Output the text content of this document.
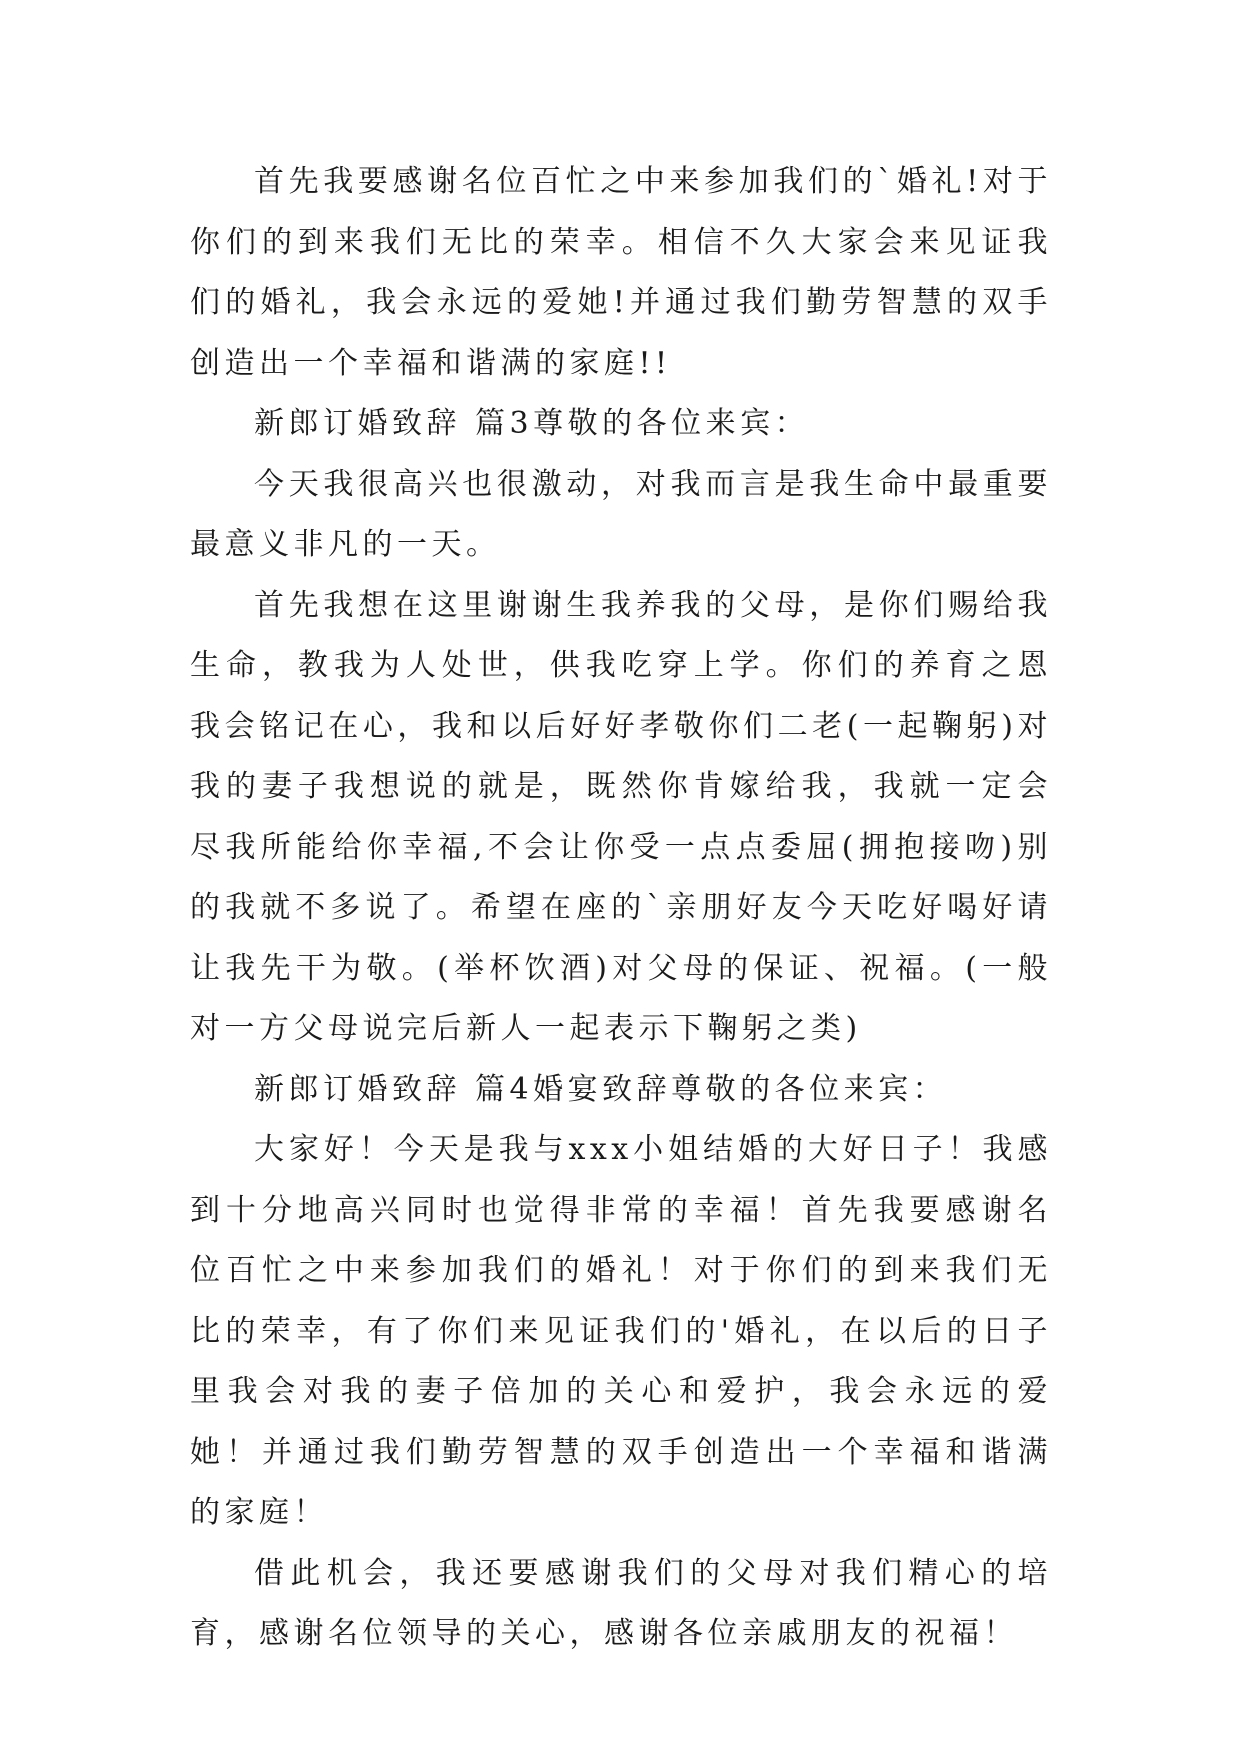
首先我要感谢名位百忙之中来参加我们的`婚礼!对于你们的到来我们无比的荣幸。相信不久大家会来见证我们的婚礼，我会永远的爱她!并通过我们勤劳智慧的双手创造出一个幸福和谐满的家庭!!

新郎订婚致辞 篇3尊敬的各位来宾：

今天我很高兴也很激动，对我而言是我生命中最重要最意义非凡的一天。

首先我想在这里谢谢生我养我的父母，是你们赐给我生命，教我为人处世，供我吃穿上学。你们的养育之恩我会铭记在心，我和以后好好孝敬你们二老(一起鞠躬)对我的妻子我想说的就是，既然你肯嫁给我，我就一定会尽我所能给你幸福,不会让你受一点点委屈(拥抱接吻)别的我就不多说了。希望在座的`亲朋好友今天吃好喝好请让我先干为敬。(举杯饮酒)对父母的保证、祝福。(一般对一方父母说完后新人一起表示下鞠躬之类)

新郎订婚致辞 篇4婚宴致辞尊敬的各位来宾：

大家好！今天是我与xxx小姐结婚的大好日子！我感到十分地高兴同时也觉得非常的幸福！首先我要感谢名位百忙之中来参加我们的婚礼！对于你们的到来我们无比的荣幸，有了你们来见证我们的'婚礼，在以后的日子里我会对我的妻子倍加的关心和爱护，我会永远的爱她！并通过我们勤劳智慧的双手创造出一个幸福和谐满的家庭！

借此机会，我还要感谢我们的父母对我们精心的培育，感谢名位领导的关心，感谢各位亲戚朋友的祝福！
